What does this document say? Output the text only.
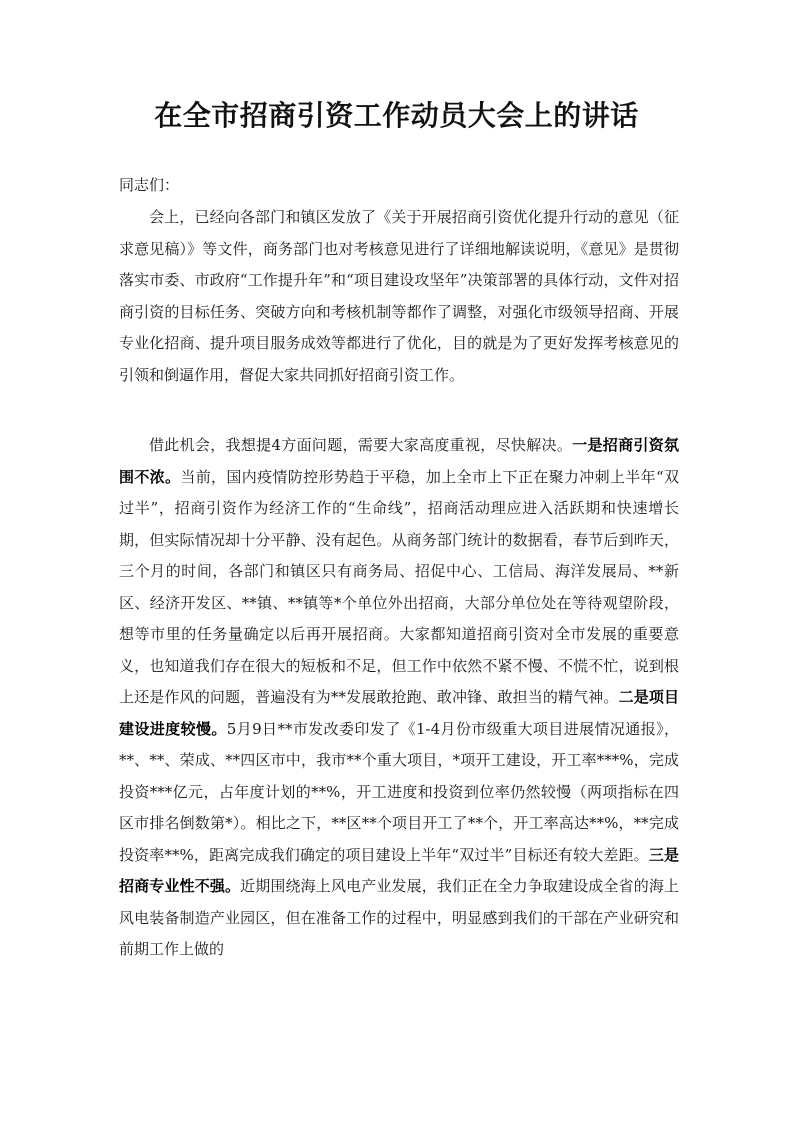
在全市招商引资工作动员大会上的讲话
同志们：

会上，已经向各部门和镇区发放了《关于开展招商引资优化提升行动的意见（征求意见稿）》等文件，商务部门也对考核意见进行了详细地解读说明，《意见》是贯彻落实市委、市政府“工作提升年”和“项目建设攻坚年”决策部署的具体行动，文件对招商引资的目标任务、突破方向和考核机制等都作了调整，对强化市级领导招商、开展专业化招商、提升项目服务成效等都进行了优化，目的就是为了更好发挥考核意见的引领和倒逼作用，督促大家共同抓好招商引资工作。

借此机会，我想提4方面问题，需要大家高度重视，尽快解决。一是招商引资氛围不浓。当前，国内疫情防控形势趋于平稳，加上全市上下正在聚力冲刺上半年“双过半”，招商引资作为经济工作的“生命线”，招商活动理应进入活跃期和快速增长期，但实际情况却十分平静、没有起色。从商务部门统计的数据看，春节后到昨天，三个月的时间，各部门和镇区只有商务局、招促中心、工信局、海洋发展局、**新区、经济开发区、**镇、**镇等*个单位外出招商，大部分单位处在等待观望阶段，想等市里的任务量确定以后再开展招商。大家都知道招商引资对全市发展的重要意义，也知道我们存在很大的短板和不足，但工作中依然不紧不慢、不慌不忙，说到根上还是作风的问题，普遍没有为**发展敢抢跑、敢冲锋、敢担当的精气神。二是项目建设进度较慢。5月9日**市发改委印发了《1-4月份市级重大项目进展情况通报》，**、**、荣成、**四区市中，我市**个重大项目，*项开工建设，开工率***%，完成投资***亿元，占年度计划的**%，开工进度和投资到位率仍然较慢（两项指标在四区市排名倒数第*）。相比之下，**区**个项目开工了**个，开工率高达**%，**完成投资率**%，距离完成我们确定的项目建设上半年“双过半”目标还有较大差距。三是招商专业性不强。近期围绕海上风电产业发展，我们正在全力争取建设成全省的海上风电装备制造产业园区，但在准备工作的过程中，明显感到我们的干部在产业研究和前期工作上做的
